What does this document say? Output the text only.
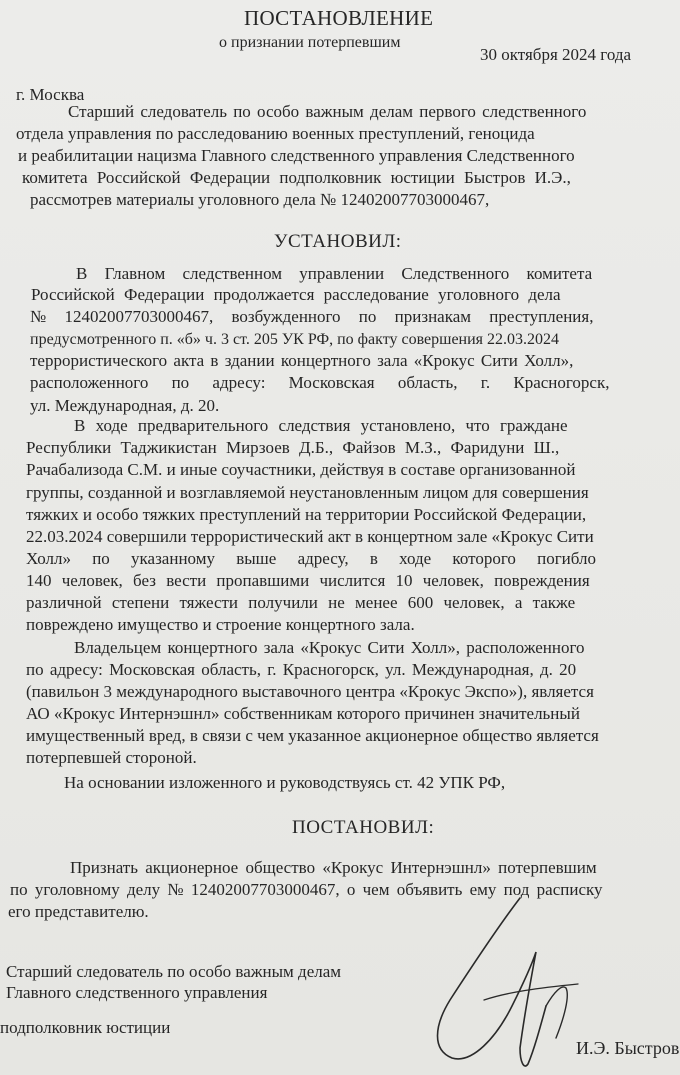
ПОСТАНОВЛЕНИЕ
о признании потерпевшим
30 октября 2024 года
г. Москва
Старший следователь по особо важным делам первого следственного
отдела управления по расследованию военных преступлений, геноцида
и реабилитации нацизма Главного следственного управления Следственного
комитета Российской Федерации подполковник юстиции Быстров И.Э.,
рассмотрев материалы уголовного дела № 12402007703000467,
УСТАНОВИЛ:
В Главном следственном управлении Следственного комитета
Российской Федерации продолжается расследование уголовного дела
№ 12402007703000467, возбужденного по признакам преступления,
предусмотренного п. «б» ч. 3 ст. 205 УК РФ, по факту совершения 22.03.2024
террористического акта в здании концертного зала «Крокус Сити Холл»,
расположенного по адресу: Московская область, г. Красногорск,
ул. Международная, д. 20.
В ходе предварительного следствия установлено, что граждане
Республики Таджикистан Мирзоев Д.Б., Файзов М.З., Фаридуни Ш.,
Рачабализода С.М. и иные соучастники, действуя в составе организованной
группы, созданной и возглавляемой неустановленным лицом для совершения
тяжких и особо тяжких преступлений на территории Российской Федерации,
22.03.2024 совершили террористический акт в концертном зале «Крокус Сити
Холл» по указанному выше адресу, в ходе которого погибло
140 человек, без вести пропавшими числится 10 человек, повреждения
различной степени тяжести получили не менее 600 человек, а также
повреждено имущество и строение концертного зала.
Владельцем концертного зала «Крокус Сити Холл», расположенного
по адресу: Московская область, г. Красногорск, ул. Международная, д. 20
(павильон 3 международного выставочного центра «Крокус Экспо»), является
АО «Крокус Интернэшнл» собственникам которого причинен значительный
имущественный вред, в связи с чем указанное акционерное общество является
потерпевшей стороной.
На основании изложенного и руководствуясь ст. 42 УПК РФ,
ПОСТАНОВИЛ:
Признать акционерное общество «Крокус Интернэшнл» потерпевшим
по уголовному делу № 12402007703000467, о чем объявить ему под расписку
его представителю.
Старший следователь по особо важным делам
Главного следственного управления
подполковник юстиции
И.Э. Быстров
